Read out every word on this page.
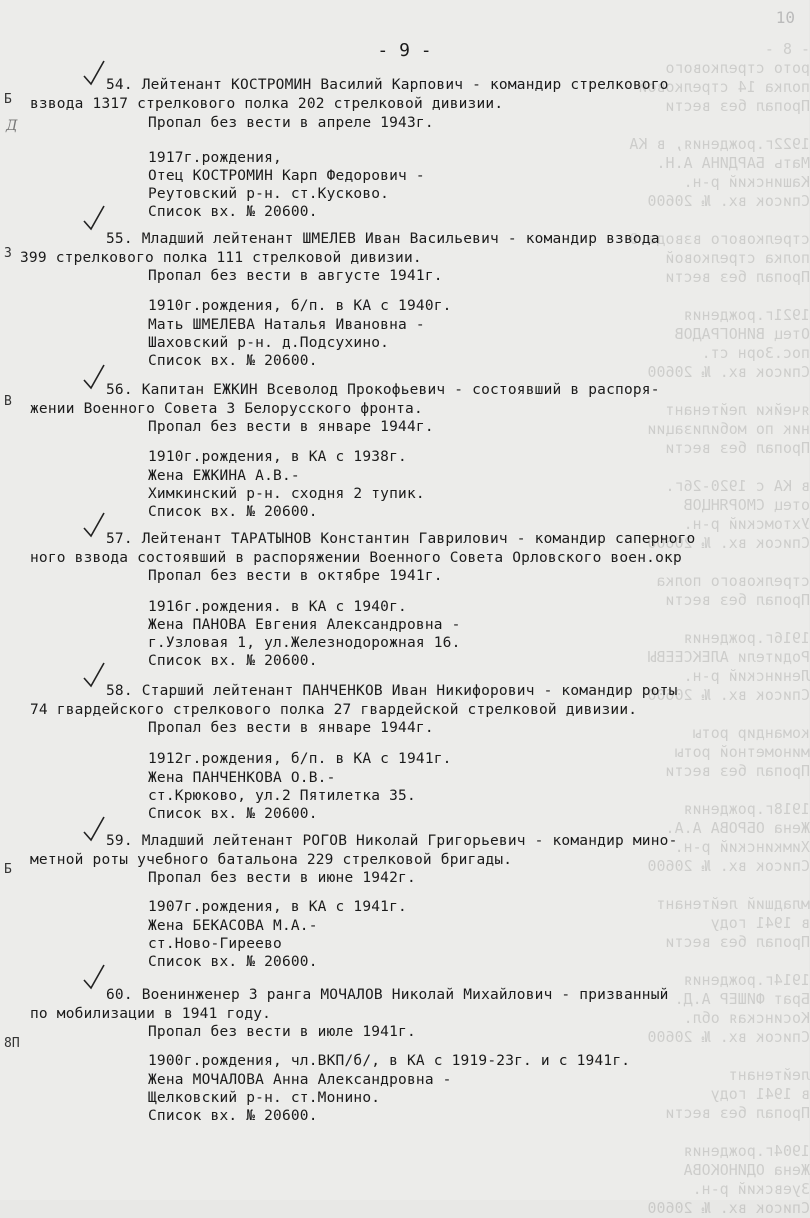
- 8 -
рото стрелкового
полка 14 стрелковой
Пропал без вести

1922г.рождения, в КА
Мать БАРДИНА А.Н.
Кашинский р-н.
Список вх. № 20600

стрелкового взвода 9
полка стрелковой
Пропал без вести

1921г.рождения
Отец ВИНОГРАДОВ
пос.Зорн ст.
Список вх. № 20600

ячейки лейтенант
ник по мобилизации
Пропал без вести

в КА с 1920-26г.
отец СМОРЯНЦОВ
Ухтомский р-н.
Список вх. № 20600

стрелкового полка
Пропал без вести

1916г.рождения
Родители АЛЕКСЕЕВЫ
Ленинский р-н.
Список вх. № 20600

командир роты
минометной роты
Пропал без вести

1918г.рождения
Жена ОБРОВА А.А.
Химкинский р-н.
Список вх. № 20600

младший лейтенант
в 1941 году
Пропал без вести

1914г.рождения
Брат ФИШЕР А.Д.
Косинская обл.
Список вх. № 20600

лейтенант
в 1941 году
Пропал без вести

1904г.рождения
Жена ОДИНОКОВА
Зуевский р-н.
Список вх. № 20600
10
- 9 -
Б
Д
З
В
Б
8П
54. Лейтенант КОСТРОМИН Василий Карпович - командир стрелкового
взвода 1317 стрелкового полка 202 стрелковой дивизии.
Пропал без вести в апреле 1943г.
1917г.рождения,
Отец КОСТРОМИН Карп Федорович -
Реутовский р-н. ст.Кусково.
Список вх. № 20600.
55. Младший лейтенант ШМЕЛЕВ Иван Васильевич - командир взвода
399 стрелкового полка 111 стрелковой дивизии.
Пропал без вести в августе 1941г.
1910г.рождения, б/п. в КА с 1940г.
Мать ШМЕЛЕВА Наталья Ивановна -
Шаховский р-н. д.Подсухино.
Список вх. № 20600.
56. Капитан ЕЖКИН Всеволод Прокофьевич - состоявший в распоря-
жении Военного Совета 3 Белорусского фронта.
Пропал без вести в январе 1944г.
1910г.рождения, в КА с 1938г.
Жена ЕЖКИНА А.В.-
Химкинский р-н. сходня 2 тупик.
Список вх. № 20600.
57. Лейтенант ТАРАТЫНОВ Константин Гаврилович - командир саперного
ного взвода состоявший в распоряжении Военного Совета Орловского воен.окр
Пропал без вести в октябре 1941г.
1916г.рождения. в КА с 1940г.
Жена ПАНОВА Евгения Александровна -
г.Узловая 1, ул.Железнодорожная 16.
Список вх. № 20600.
58. Старший лейтенант ПАНЧЕНКОВ Иван Никифорович - командир роты
74 гвардейского стрелкового полка 27 гвардейской стрелковой дивизии.
Пропал без вести в январе 1944г.
1912г.рождения, б/п. в КА с 1941г.
Жена ПАНЧЕНКОВА О.В.-
ст.Крюково, ул.2 Пятилетка 35.
Список вх. № 20600.
59. Младший лейтенант РОГОВ Николай Григорьевич - командир мино-
метной роты учебного батальона 229 стрелковой бригады.
Пропал без вести в июне 1942г.
1907г.рождения, в КА с 1941г.
Жена БЕКАСОВА М.А.-
ст.Ново-Гиреево
Список вх. № 20600.
60. Военинженер 3 ранга МОЧАЛОВ Николай Михайлович - призванный
по мобилизации в 1941 году.
Пропал без вести в июле 1941г.
1900г.рождения, чл.ВКП/б/, в КА с 1919-23г. и с 1941г.
Жена МОЧАЛОВА Анна Александровна -
Щелковский р-н. ст.Монино.
Список вх. № 20600.
